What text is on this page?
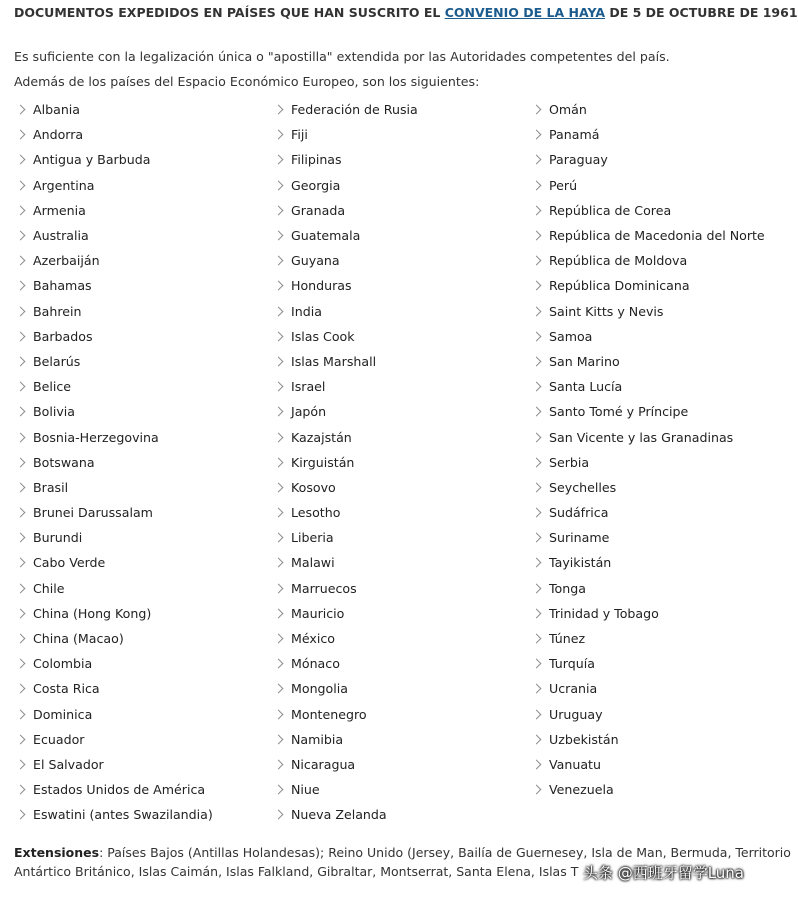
DOCUMENTOS EXPEDIDOS EN PAÍSES QUE HAN SUSCRITO EL CONVENIO DE LA HAYA DE 5 DE OCTUBRE DE 1961
Es suficiente con la legalización única o "apostilla" extendida por las Autoridades competentes del país.
Además de los países del Espacio Económico Europeo, son los siguientes:
Albania
Andorra
Antigua y Barbuda
Argentina
Armenia
Australia
Azerbaiján
Bahamas
Bahrein
Barbados
Belarús
Belice
Bolivia
Bosnia-Herzegovina
Botswana
Brasil
Brunei Darussalam
Burundi
Cabo Verde
Chile
China (Hong Kong)
China (Macao)
Colombia
Costa Rica
Dominica
Ecuador
El Salvador
Estados Unidos de América
Eswatini (antes Swazilandia)
Federación de Rusia
Fiji
Filipinas
Georgia
Granada
Guatemala
Guyana
Honduras
India
Islas Cook
Islas Marshall
Israel
Japón
Kazajstán
Kirguistán
Kosovo
Lesotho
Liberia
Malawi
Marruecos
Mauricio
México
Mónaco
Mongolia
Montenegro
Namibia
Nicaragua
Niue
Nueva Zelanda
Omán
Panamá
Paraguay
Perú
República de Corea
República de Macedonia del Norte
República de Moldova
República Dominicana
Saint Kitts y Nevis
Samoa
San Marino
Santa Lucía
Santo Tomé y Príncipe
San Vicente y las Granadinas
Serbia
Seychelles
Sudáfrica
Suriname
Tayikistán
Tonga
Trinidad y Tobago
Túnez
Turquía
Ucrania
Uruguay
Uzbekistán
Vanuatu
Venezuela
Extensiones: Países Bajos (Antillas Holandesas); Reino Unido (Jersey, Bailía de Guernesey, Isla de Man, Bermuda, Territorio
Antártico Británico, Islas Caimán, Islas Falkland, Gibraltar, Montserrat, Santa Elena, Islas T 头条 @西班牙留学Luna
